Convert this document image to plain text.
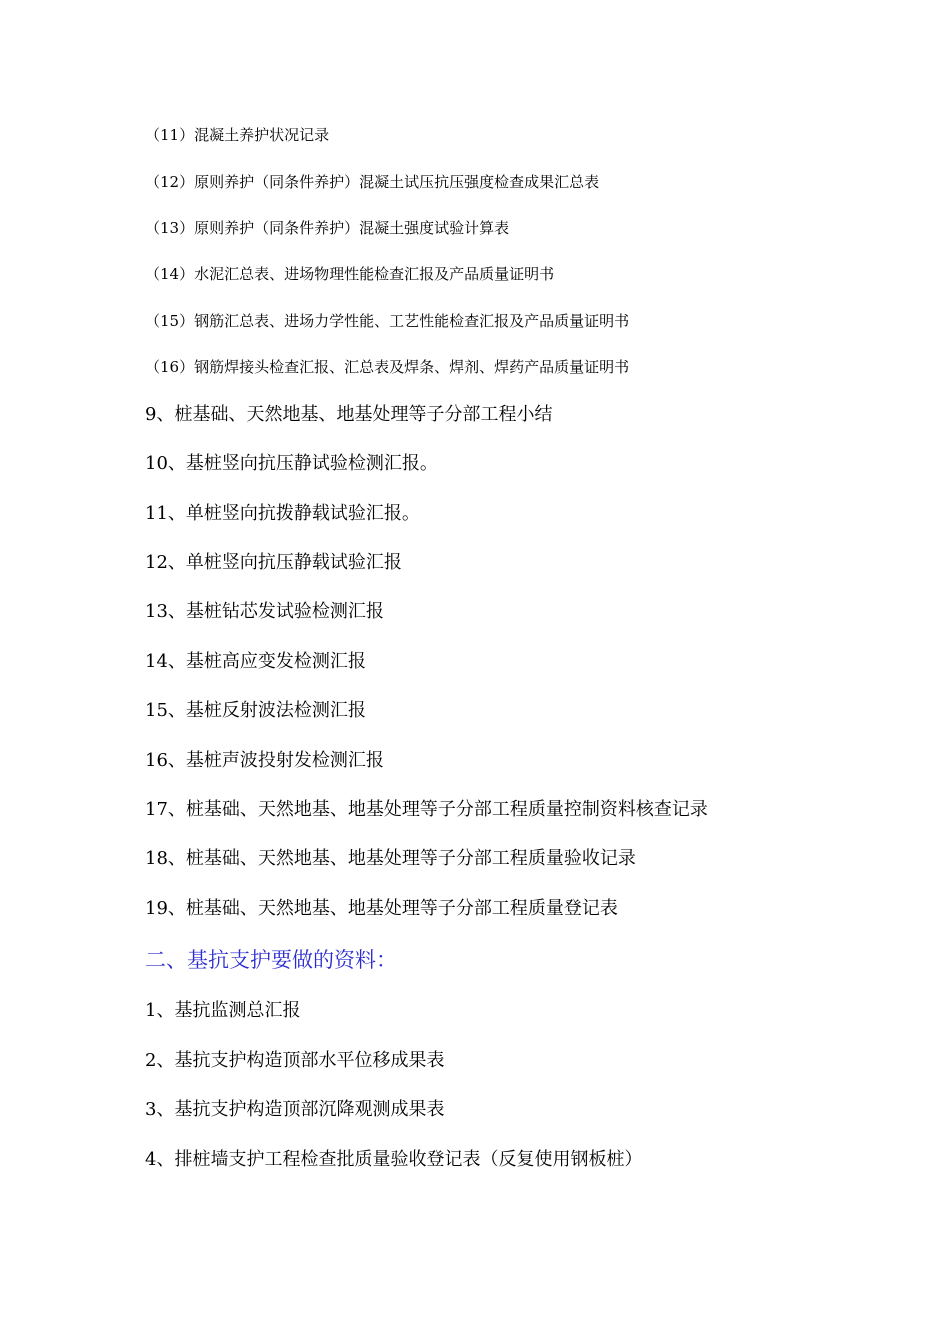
（11）混凝土养护状况记录
（12）原则养护（同条件养护）混凝土试压抗压强度检查成果汇总表
（13）原则养护（同条件养护）混凝土强度试验计算表
（14）水泥汇总表、进场物理性能检查汇报及产品质量证明书
（15）钢筋汇总表、进场力学性能、工艺性能检查汇报及产品质量证明书
（16）钢筋焊接头检查汇报、汇总表及焊条、焊剂、焊药产品质量证明书
9、桩基础、天然地基、地基处理等子分部工程小结
10、基桩竖向抗压静试验检测汇报。
11、单桩竖向抗拨静载试验汇报。
12、单桩竖向抗压静载试验汇报
13、基桩钻芯发试验检测汇报
14、基桩高应变发检测汇报
15、基桩反射波法检测汇报
16、基桩声波投射发检测汇报
17、桩基础、天然地基、地基处理等子分部工程质量控制资料核查记录
18、桩基础、天然地基、地基处理等子分部工程质量验收记录
19、桩基础、天然地基、地基处理等子分部工程质量登记表
二、基抗支护要做的资料：
1、基抗监测总汇报
2、基抗支护构造顶部水平位移成果表
3、基抗支护构造顶部沉降观测成果表
4、排桩墙支护工程检查批质量验收登记表（反复使用钢板桩）
